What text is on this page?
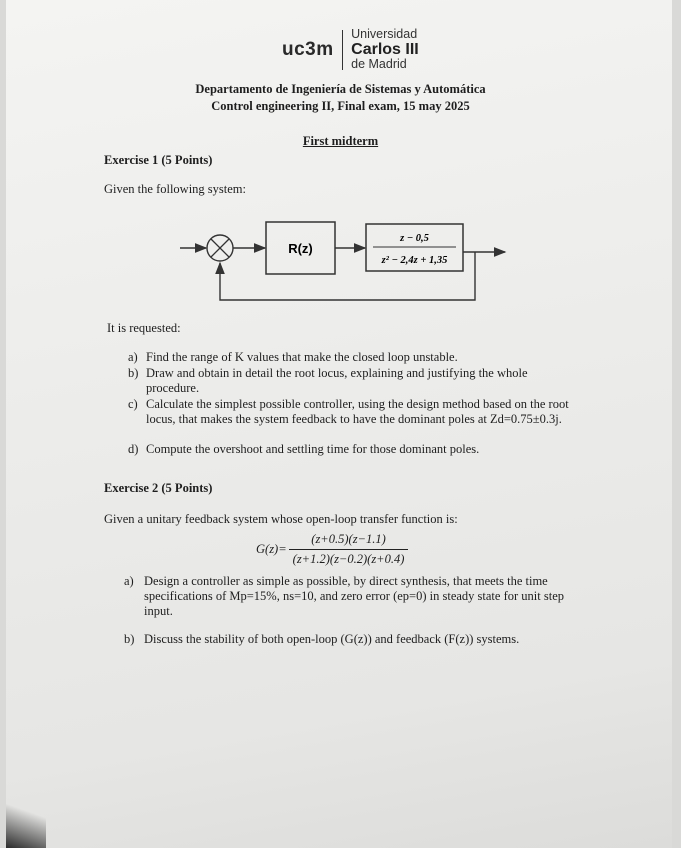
uc3m
Universidad
Carlos III
de Madrid
Departamento de Ingeniería de Sistemas y Automática
Control engineering II, Final exam, 15 may 2025
First midterm
Exercise 1 (5 Points)
Given the following system:
R(z)
z − 0,5
z² − 2,4z + 1,35
It is requested:
a) Find the range of K values that make the closed loop unstable.
b) Draw and obtain in detail the root locus, explaining and justifying the whole procedure.
c) Calculate the simplest possible controller, using the design method based on the root locus, that makes the system feedback to have the dominant poles at Zd=0.75±0.3j.
d) Compute the overshoot and settling time for those dominant poles.
Exercise 2 (5 Points)
Given a unitary feedback system whose open-loop transfer function is:
$G(z)= \frac{(z+0.5)(z-1.1)}{(z+1.2)(z-0.2)(z+0.4)}$
a) Design a controller as simple as possible, by direct synthesis, that meets the time specifications of Mp=15%, ns=10, and zero error (ep=0) in steady state for unit step input.
b) Discuss the stability of both open-loop (G(z)) and feedback (F(z)) systems.
